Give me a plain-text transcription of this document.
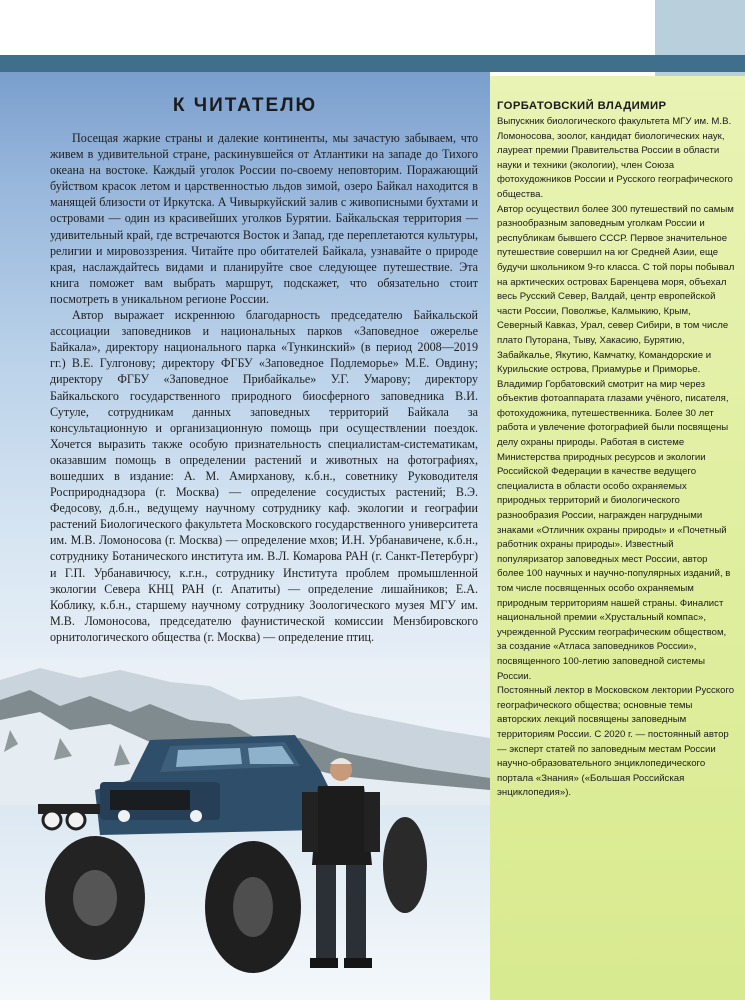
К ЧИТАТЕЛЮ

Посещая жаркие страны и далекие континенты, мы зачастую забываем, что живем в удивительной стране, раскинувшейся от Атлантики на западе до Тихого океана на востоке. Каждый уголок России по-своему неповторим. Поражающий буйством красок летом и царственностью льдов зимой, озеро Байкал находится в манящей близости от Иркутска. А Чивыркуйский залив с живописными бухтами и островами — один из красивейших уголков Бурятии. Байкальская территория — удивительный край, где встречаются Восток и Запад, где переплетаются культуры, религии и мировоззрения. Читайте про обитателей Байкала, узнавайте о природе края, наслаждайтесь видами и планируйте свое следующее путешествие. Эта книга поможет вам выбрать маршрут, подскажет, что обязательно стоит посмотреть в уникальном регионе России.

Автор выражает искреннюю благодарность председателю Байкальской ассоциации заповедников и национальных парков «Заповедное ожерелье Байкала», директору национального парка «Тункинский» (в период 2008—2019 гг.) В.Е. Гулгонову; директору ФГБУ «Заповедное Подлеморье» М.Е. Овдину; директору ФГБУ «Заповедное Прибайкалье» У.Г. Умарову; директору Байкальского государственного природного биосферного заповедника В.И. Сутуле, сотрудникам данных заповедных территорий Байкала за консультационную и организационную помощь при осуществлении поездок. Хочется выразить также особую признательность специалистам-систематикам, оказавшим помощь в определении растений и животных на фотографиях, вошедших в издание: А. М. Амирханову, к.б.н., советнику Руководителя Росприроднадзора (г. Москва) — определение сосудистых растений; В.Э. Федосову, д.б.н., ведущему научному сотруднику каф. экологии и географии растений Биологического факультета Московского государственного университета им. М.В. Ломоносова (г. Москва) — определение мхов; И.Н. Урбанавичене, к.б.н., сотруднику Ботанического института им. В.Л. Комарова РАН (г. Санкт-Петербург) и Г.П. Урбанавичюсу, к.г.н., сотруднику Института проблем промышленной экологии Севера КНЦ РАН (г. Апатиты) — определение лишайников; Е.А. Коблику, к.б.н., старшему научному сотруднику Зоологического музея МГУ им. М.В. Ломоносова, председателю фаунистической комиссии Мензбировского орнитологического общества (г. Москва) — определение птиц.

ГОРБАТОВСКИЙ ВЛАДИМИР

Выпускник биологического факультета МГУ им. М.В. Ломоносова, зоолог, кандидат биологических наук, лауреат премии Правительства России в области науки и техники (экологии), член Союза фотохудожников России и Русского географического общества.

Автор осуществил более 300 путешествий по самым разнообразным заповедным уголкам России и республикам бывшего СССР. Первое значительное путешествие совершил на юг Средней Азии, еще будучи школьником 9-го класса. С той поры побывал на арктических островах Баренцева моря, объехал весь Русский Север, Валдай, центр европейской части России, Поволжье, Калмыкию, Крым, Северный Кавказ, Урал, север Сибири, в том числе плато Путорана, Тыву, Хакасию, Бурятию, Забайкалье, Якутию, Камчатку, Командорские и Курильские острова, Приамурье и Приморье.

Владимир Горбатовский смотрит на мир через объектив фотоаппарата глазами учёного, писателя, фотохудожника, путешественника. Более 30 лет работа и увлечение фотографией были посвящены делу охраны природы. Работая в системе Министерства природных ресурсов и экологии Российской Федерации в качестве ведущего специалиста в области особо охраняемых природных территорий и биологического разнообразия России, награжден нагрудными знаками «Отличник охраны природы» и «Почетный работник охраны природы». Известный популяризатор заповедных мест России, автор более 100 научных и научно-популярных изданий, в том числе посвященных особо охраняемым природным территориям нашей страны. Финалист национальной премии «Хрустальный компас», учрежденной Русским географическим обществом, за создание «Атласа заповедников России», посвященного 100-летию заповедной системы России.

Постоянный лектор в Московском лектории Русского географического общества; основные темы авторских лекций посвящены заповедным территориям России. С 2020 г. — постоянный автор — эксперт статей по заповедным местам России научно-образовательного энциклопедического портала «Знания» («Большая Российская энциклопедия»).
